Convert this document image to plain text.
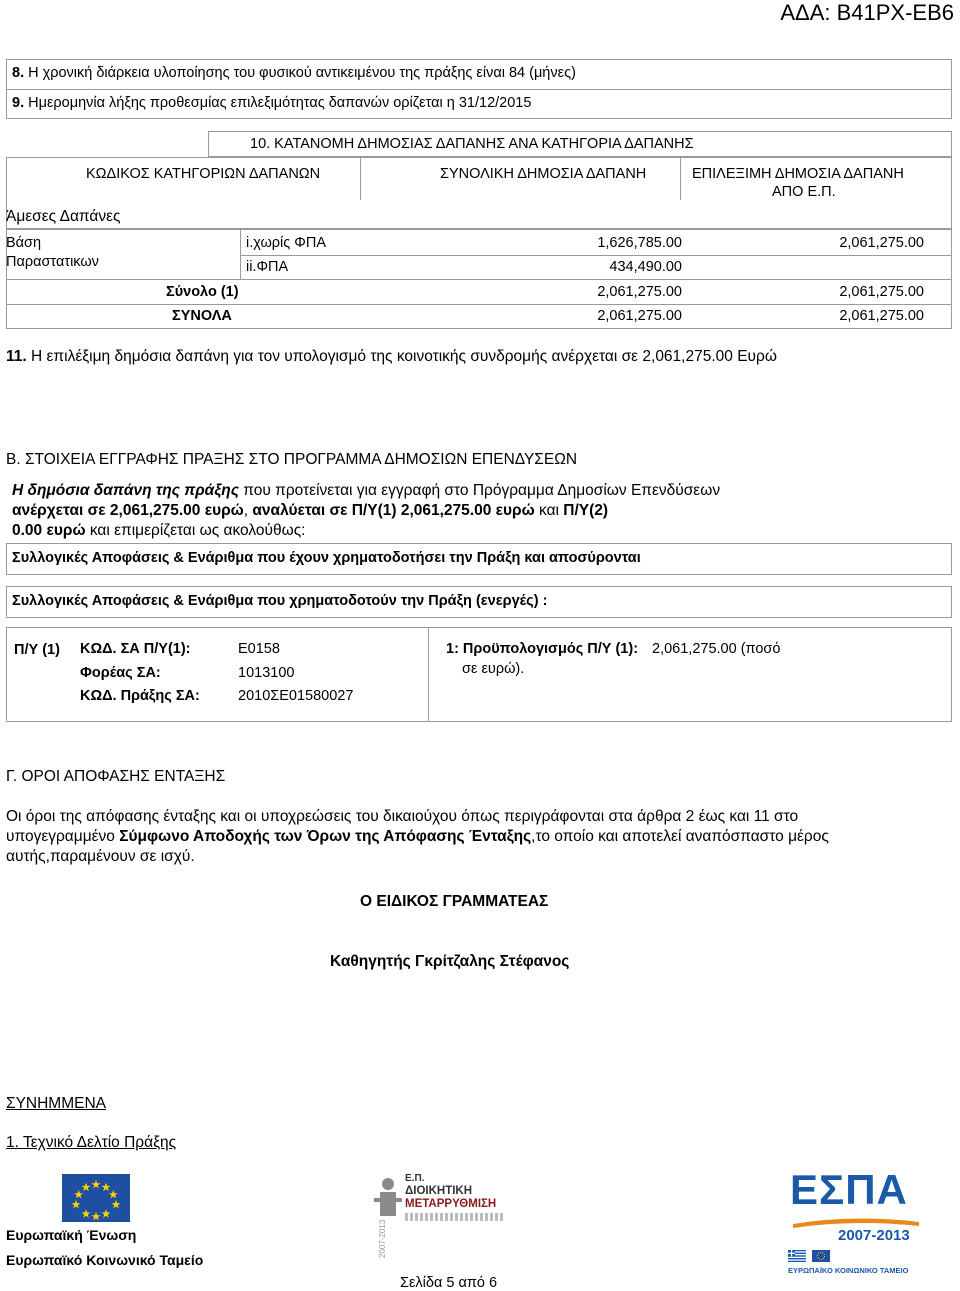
ΑΔΑ: Β41ΡΧ-ΕΒ6
8. Η χρονική διάρκεια υλοποίησης του φυσικού αντικειμένου της πράξης είναι 84 (μήνες)
9. Ημερομηνία λήξης προθεσμίας επιλεξιμότητας δαπανών ορίζεται η 31/12/2015
10. ΚΑΤΑΝΟΜΗ ΔΗΜΟΣΙΑΣ ΔΑΠΑΝΗΣ ΑΝΑ ΚΑΤΗΓΟΡΙΑ ΔΑΠΑΝΗΣ
ΚΩΔΙΚΟΣ ΚΑΤΗΓΟΡΙΩΝ ΔΑΠΑΝΩΝ	ΣΥΝΟΛΙΚΗ ΔΗΜΟΣΙΑ ΔΑΠΑΝΗ	ΕΠΙΛΕΞΙΜΗ ΔΗΜΟΣΙΑ ΔΑΠΑΝΗ
ΑΠΟ Ε.Π.
Άμεσες Δαπάνες
Βάση
Παραστατικων
i.χωρίς ΦΠΑ	1,626,785.00	2,061,275.00
ii.ΦΠΑ	434,490.00
Σύνολο (1)	2,061,275.00	2,061,275.00
ΣΥΝΟΛΑ	2,061,275.00	2,061,275.00
11. Η επιλέξιμη δημόσια δαπάνη για τον υπολογισμό της κοινοτικής συνδρομής ανέρχεται σε 2,061,275.00 Ευρώ
Β. ΣΤΟΙΧΕΙΑ ΕΓΓΡΑΦΗΣ ΠΡΑΞΗΣ ΣΤΟ ΠΡΟΓΡΑΜΜΑ ΔΗΜΟΣΙΩΝ ΕΠΕΝΔΥΣΕΩΝ
Η δημόσια δαπάνη της πράξης που προτείνεται για εγγραφή στο Πρόγραμμα Δημοσίων Επενδύσεων
ανέρχεται σε 2,061,275.00 ευρώ, αναλύεται σε Π/Υ(1) 2,061,275.00 ευρώ και Π/Υ(2)
0.00 ευρώ και επιμερίζεται ως ακολούθως:
Συλλογικές Αποφάσεις & Ενάριθμα που έχουν χρηματοδοτήσει την Πράξη και αποσύρονται
Συλλογικές Αποφάσεις & Ενάριθμα που χρηματοδοτούν την Πράξη (ενεργές) :
Π/Υ (1) ΚΩΔ. ΣΑ Π/Υ(1):	Ε0158
Φορέας ΣΑ:	1013100
ΚΩΔ. Πράξης ΣΑ:	2010ΣΕ01580027
1: Προϋπολογισμός Π/Υ (1): 2,061,275.00 (ποσό
σε ευρώ).
Γ. ΟΡΟΙ ΑΠΟΦΑΣΗΣ ΕΝΤΑΞΗΣ
Οι όροι της απόφασης ένταξης και οι υποχρεώσεις του δικαιούχου όπως περιγράφονται στα άρθρα 2 έως και 11 στο
υπογεγραμμένο Σύμφωνο Αποδοχής των Όρων της Απόφασης Ένταξης,το οποίο και αποτελεί αναπόσπαστο μέρος
αυτής,παραμένουν σε ισχύ.
Ο ΕΙΔΙΚΟΣ ΓΡΑΜΜΑΤΕΑΣ
Καθηγητής Γκρίτζαλης Στέφανος
ΣΥΝΗΜΜΕΝΑ
1. Τεχνικό Δελτίο Πράξης
Ευρωπαϊκή Ένωση
Ευρωπαϊκό Κοινωνικό Ταμείο
2007-2013
Ε.Π.
ΔΙΟΙΚΗΤΙΚΗ
ΜΕΤΑΡΡΥΘΜΙΣΗ	ΕΣΠΑ
2007-2013
ΕΥΡΩΠΑΪΚΟ ΚΟΙΝΩΝΙΚΟ ΤΑΜΕΙΟ
Σελίδα 5 από 6
